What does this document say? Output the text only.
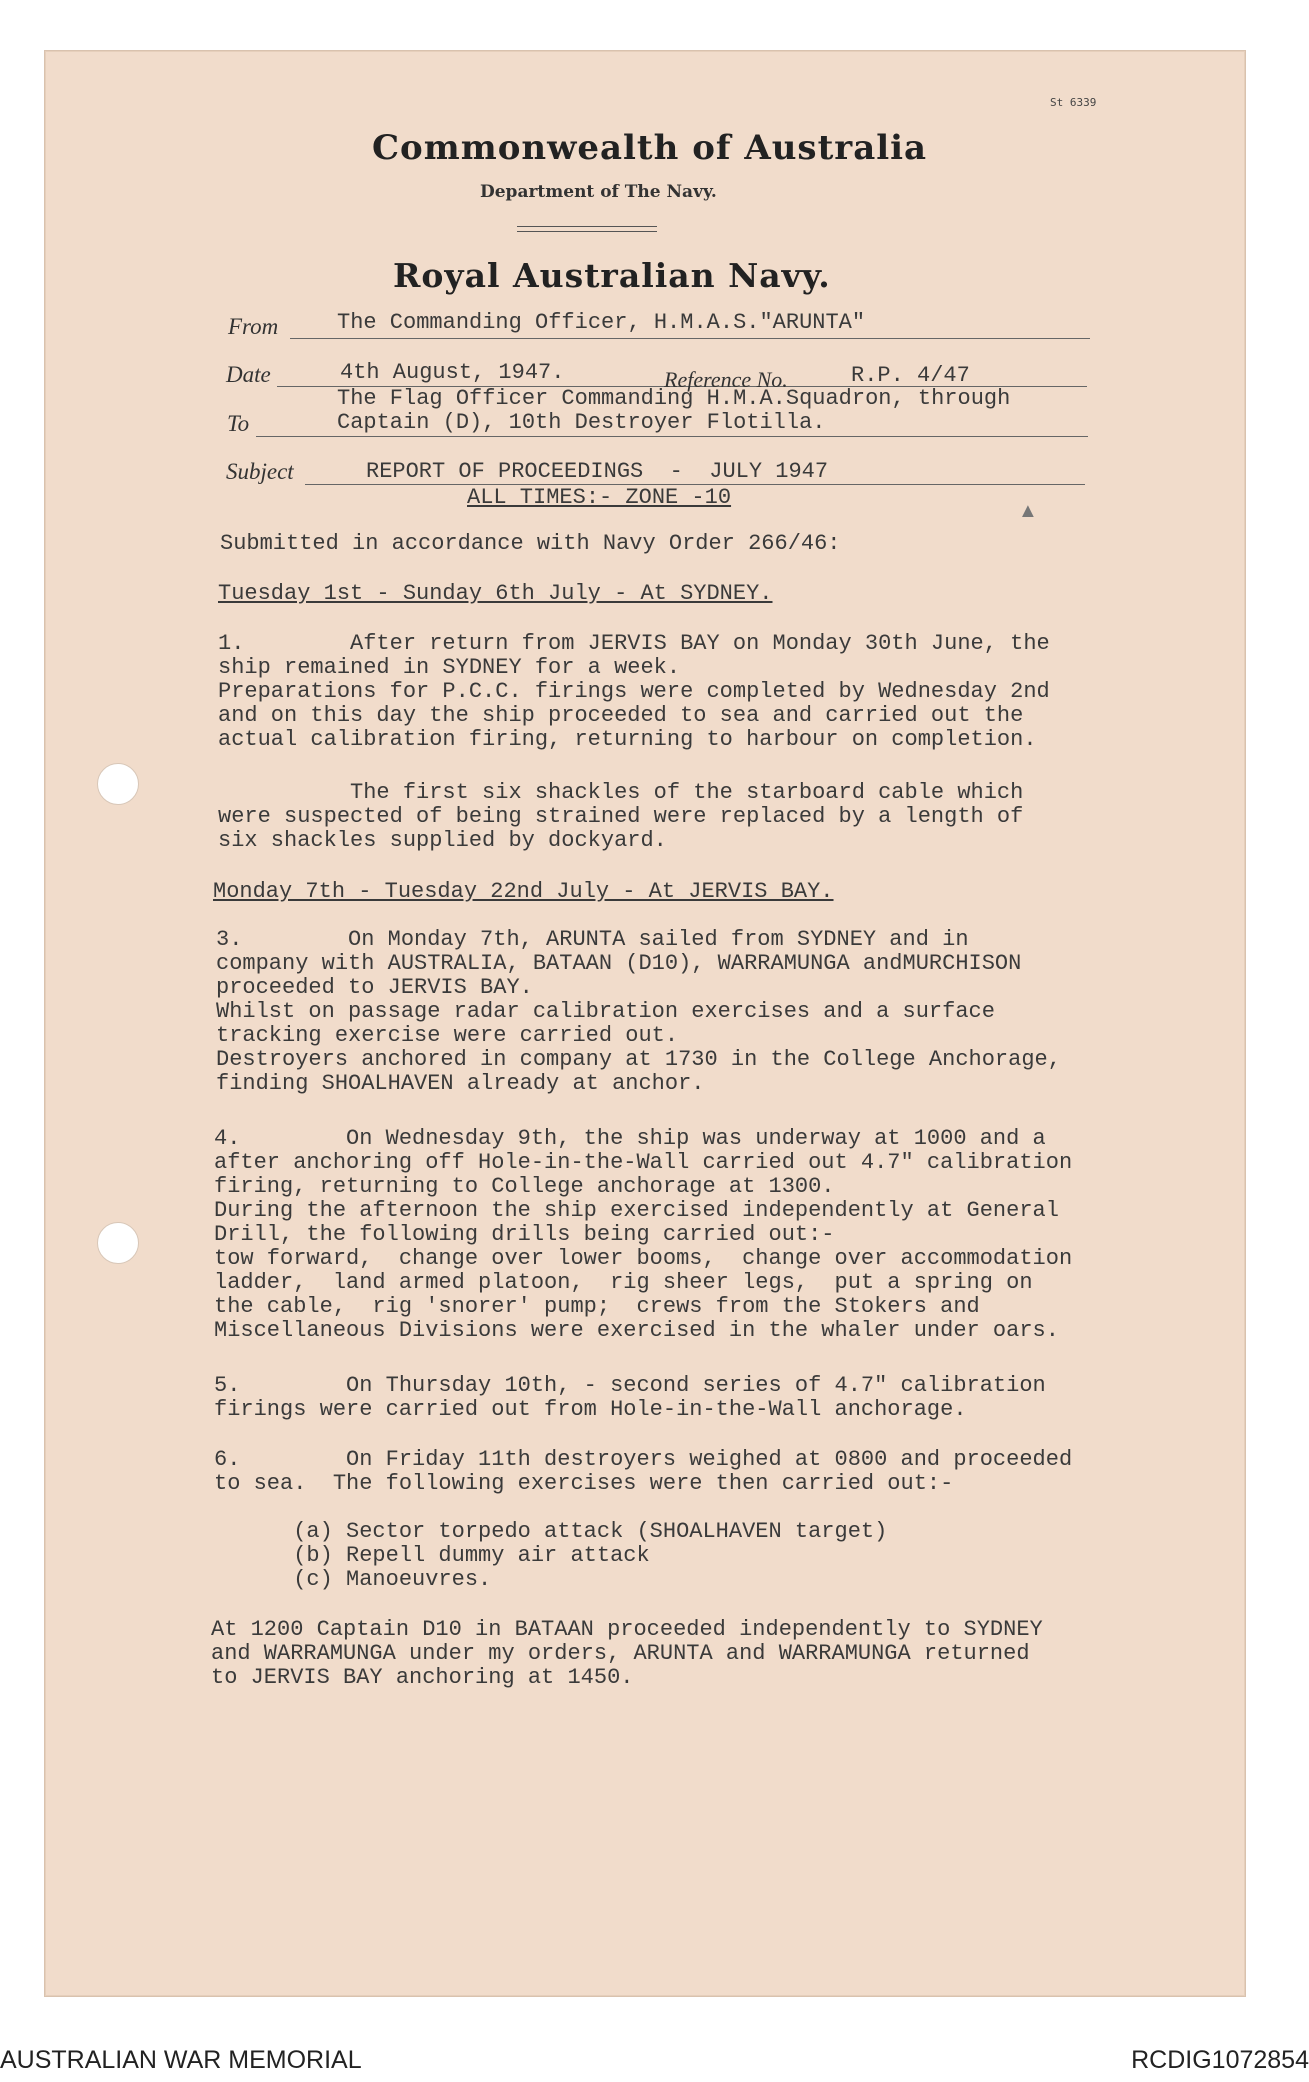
St 6339
Commonwealth of Australia
Department of The Navy.
Royal Australian Navy.
From	The Commanding Officer, H.M.A.S."ARUNTA"
Date	4th August, 1947.	Reference No.	R.P. 4/47
The Flag Officer Commanding H.M.A.Squadron, through
To	Captain (D), 10th Destroyer Flotilla.
Subject	REPORT OF PROCEEDINGS  -  JULY 1947
ALL TIMES:- ZONE -10
▲
Submitted in accordance with Navy Order 266/46:
Tuesday 1st - Sunday 6th July - At SYDNEY.
1.        After return from JERVIS BAY on Monday 30th June, the
ship remained in SYDNEY for a week.
Preparations for P.C.C. firings were completed by Wednesday 2nd
and on this day the ship proceeded to sea and carried out the
actual calibration firing, returning to harbour on completion.
The first six shackles of the starboard cable which
were suspected of being strained were replaced by a length of
six shackles supplied by dockyard.
Monday 7th - Tuesday 22nd July - At JERVIS BAY.
3.        On Monday 7th, ARUNTA sailed from SYDNEY and in
company with AUSTRALIA, BATAAN (D10), WARRAMUNGA andMURCHISON
proceeded to JERVIS BAY.
Whilst on passage radar calibration exercises and a surface
tracking exercise were carried out.
Destroyers anchored in company at 1730 in the College Anchorage,
finding SHOALHAVEN already at anchor.
4.        On Wednesday 9th, the ship was underway at 1000 and a
after anchoring off Hole-in-the-Wall carried out 4.7" calibration
firing, returning to College anchorage at 1300.
During the afternoon the ship exercised independently at General
Drill, the following drills being carried out:-
tow forward,  change over lower booms,  change over accommodation
ladder,  land armed platoon,  rig sheer legs,  put a spring on
the cable,  rig 'snorer' pump;  crews from the Stokers and
Miscellaneous Divisions were exercised in the whaler under oars.
5.        On Thursday 10th, - second series of 4.7" calibration
firings were carried out from Hole-in-the-Wall anchorage.
6.        On Friday 11th destroyers weighed at 0800 and proceeded
to sea.  The following exercises were then carried out:-
(a) Sector torpedo attack (SHOALHAVEN target)
(b) Repell dummy air attack
(c) Manoeuvres.
At 1200 Captain D10 in BATAAN proceeded independently to SYDNEY
and WARRAMUNGA under my orders, ARUNTA and WARRAMUNGA returned
to JERVIS BAY anchoring at 1450.
AUSTRALIAN WAR MEMORIAL	RCDIG1072854
